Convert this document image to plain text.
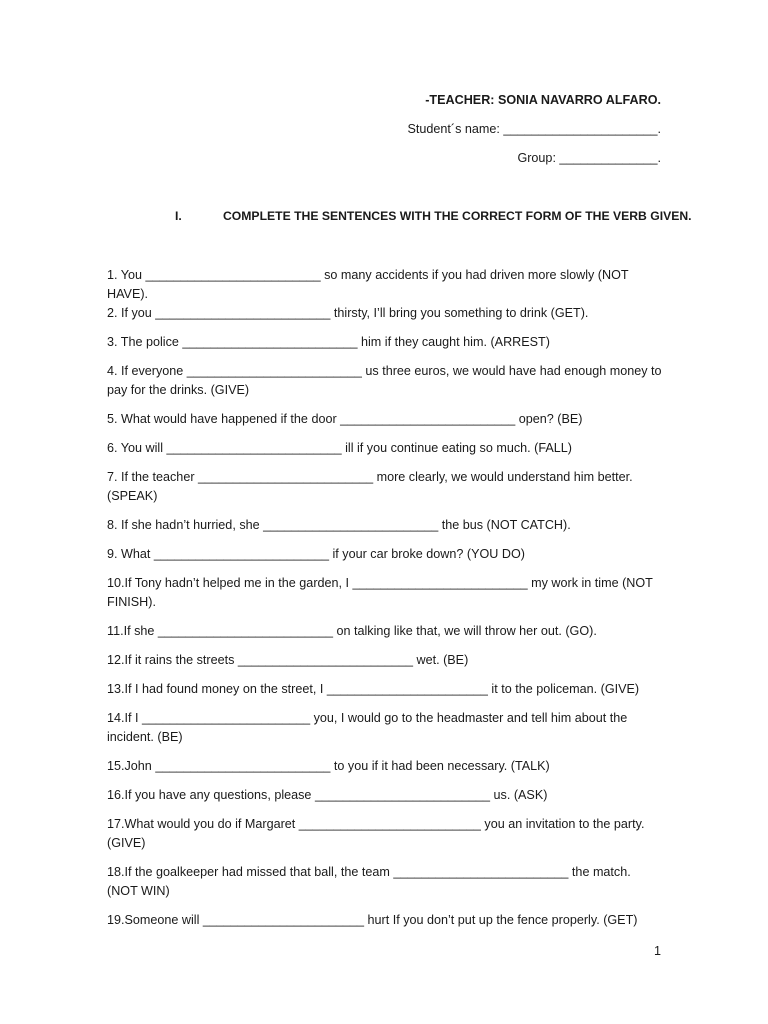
-TEACHER: SONIA NAVARRO ALFARO.
Student´s name: ______________________.
Group: ______________.
I.	COMPLETE THE SENTENCES WITH THE CORRECT FORM OF THE VERB GIVEN.
1. You _________________________ so many accidents if you had driven more slowly (NOT HAVE).
2. If you _________________________ thirsty, I’ll bring you something to drink (GET).
3. The police _________________________ him if they caught him. (ARREST)
4. If everyone _________________________ us three euros, we would have had enough money to pay for the drinks. (GIVE)
5. What would have happened if the door _________________________ open? (BE)
6. You will _________________________ ill if you continue eating so much. (FALL)
7. If the teacher _________________________ more clearly, we would understand him better. (SPEAK)
8. If she hadn’t hurried, she _________________________ the bus (NOT CATCH).
9. What _________________________ if your car broke down? (YOU DO)
10.If Tony hadn’t helped me in the garden, I _________________________ my work in time (NOT FINISH).
11.If she _________________________ on talking like that, we will throw her out. (GO).
12.If it rains the streets _________________________ wet. (BE)
13.If I had found money on the street, I _______________________ it to the policeman. (GIVE)
14.If I ________________________ you, I would go to the headmaster and tell him about the incident. (BE)
15.John _________________________ to you if it had been necessary. (TALK)
16.If you have any questions, please _________________________ us. (ASK)
17.What would you do if Margaret __________________________ you an invitation to the party. (GIVE)
18.If the goalkeeper had missed that ball, the team _________________________ the match. (NOT WIN)
19.Someone will _______________________ hurt If you don’t put up the fence properly. (GET)
1
